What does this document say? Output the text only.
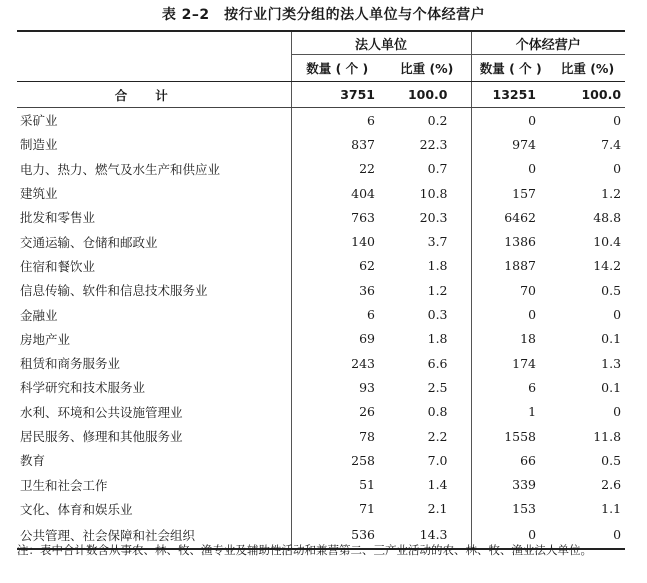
表 2–2　按行业门类分组的法人单位与个体经营户
	法人单位		个体经营户	
	数量 ( 个 )	比重 (%)	数量 ( 个 )	比重 (%)
合计	3751	100.0	13251	100.0
采矿业	6	0.2	0	0
制造业	837	22.3	974	7.4
电力、热力、燃气及水生产和供应业	22	0.7	0	0
建筑业	404	10.8	157	1.2
批发和零售业	763	20.3	6462	48.8
交通运输、仓储和邮政业	140	3.7	1386	10.4
住宿和餐饮业	62	1.8	1887	14.2
信息传输、软件和信息技术服务业	36	1.2	70	0.5
金融业	6	0.3	0	0
房地产业	69	1.8	18	0.1
租赁和商务服务业	243	6.6	174	1.3
科学研究和技术服务业	93	2.5	6	0.1
水利、环境和公共设施管理业	26	0.8	1	0
居民服务、修理和其他服务业	78	2.2	1558	11.8
教育	258	7.0	66	0.5
卫生和社会工作	51	1.4	339	2.6
文化、体育和娱乐业	71	2.1	153	1.1
公共管理、社会保障和社会组织	536	14.3	0	0
注：表中合计数含从事农、林、牧、渔专业及辅助性活动和兼营第二、三产业活动的农、林、牧、渔业法人单位。
